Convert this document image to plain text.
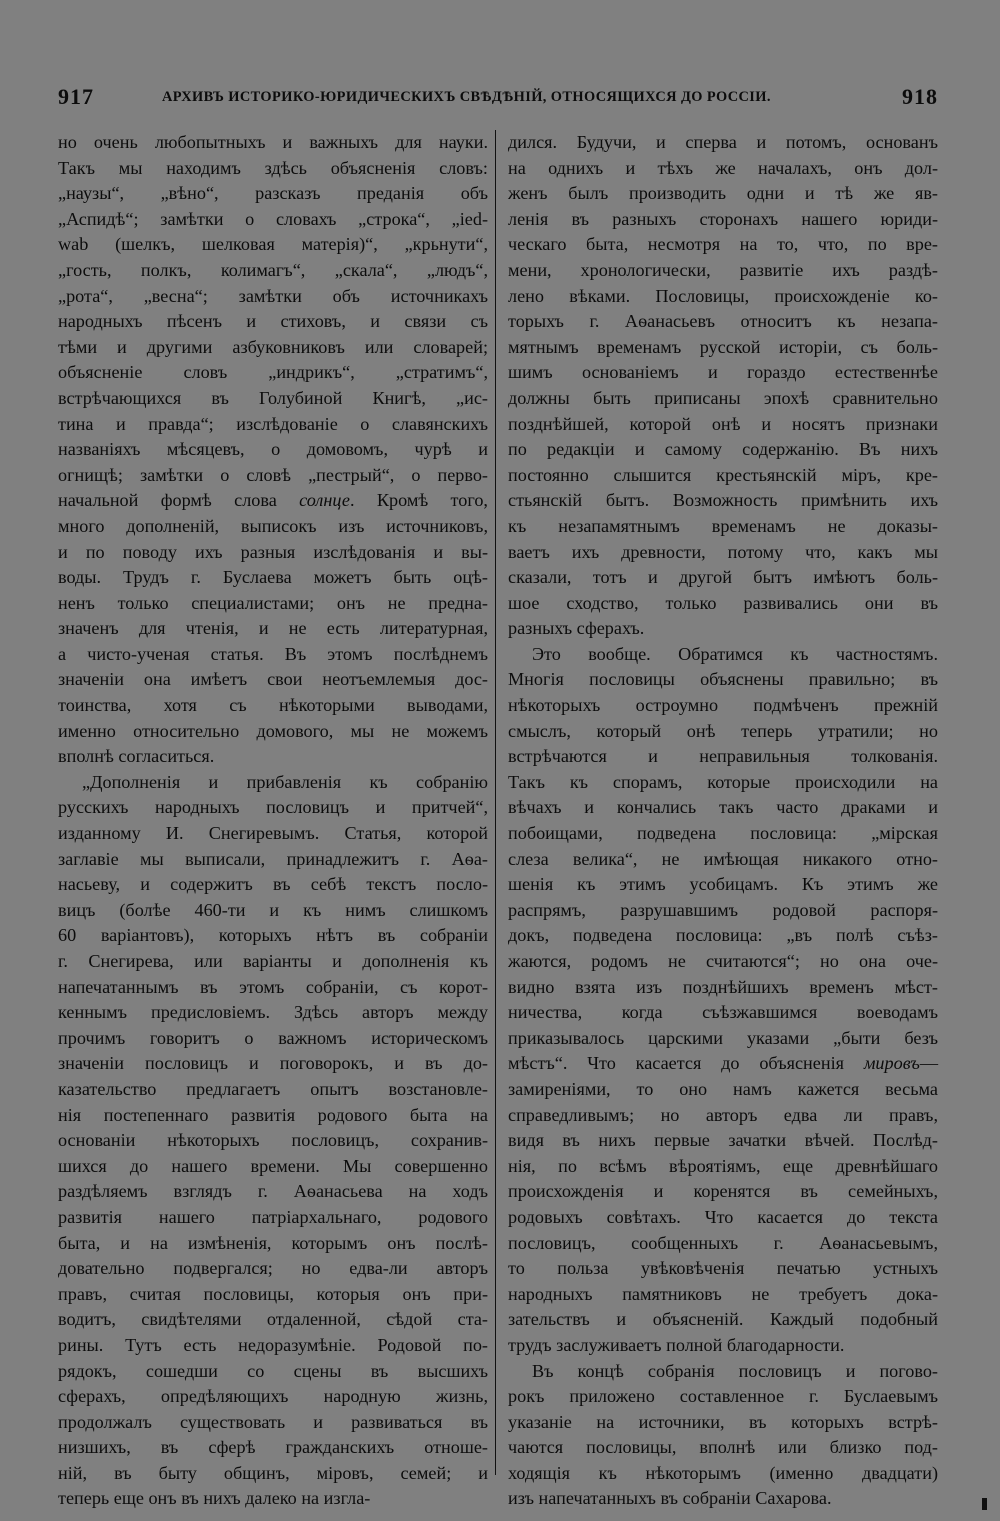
917	АРХИВЪ ИСТОРИКО-ЮРИДИЧЕСКИХЪ СВѢДѢНІЙ, ОТНОСЯЩИХСЯ ДО РОССІИ.	918
но очень любопытныхъ и важныхъ для науки.
Такъ мы находимъ здѣсь объясненія словъ:
„наузы“, „вѣно“, разсказъ преданія объ
„Аспидѣ“; замѣтки о словахъ „строка“, „ied-
wab (шелкъ, шелковая матерія)“, „крьнути“,
„гость, полкъ, колимагъ“, „скала“, „людъ“,
„рота“, „весна“; замѣтки объ источникахъ
народныхъ пѣсенъ и стиховъ, и связи съ
тѣми и другими азбуковниковъ или словарей;
объясненіе словъ „индрикъ“, „стратимъ“,
встрѣчающихся въ Голубиной Книгѣ, „ис-
тина и правда“; изслѣдованіе о славянскихъ
названіяхъ мѣсяцевъ, о домовомъ, чурѣ и
огнищѣ; замѣтки о словѣ „пестрый“, о перво-
начальной формѣ слова солнце. Кромѣ того,
много дополненій, выписокъ изъ источниковъ,
и по поводу ихъ разныя изслѣдованія и вы-
воды. Трудъ г. Буслаева можетъ быть оцѣ-
ненъ только специалистами; онъ не предна-
значенъ для чтенія, и не есть литературная,
а чисто-ученая статья. Въ этомъ послѣднемъ
значеніи она имѣетъ свои неотъемлемыя дос-
тоинства, хотя съ нѣкоторыми выводами,
именно относительно домового, мы не можемъ
вполнѣ согласиться.
„Дополненія и прибавленія къ собранію
русскихъ народныхъ пословицъ и притчей“,
изданному И. Снегиревымъ. Статья, которой
заглавіе мы выписали, принадлежитъ г. Аѳа-
насьеву, и содержитъ въ себѣ текстъ посло-
вицъ (болѣе 460-ти и къ нимъ слишкомъ
60 варіантовъ), которыхъ нѣтъ въ собраніи
г. Снегирева, или варіанты и дополненія къ
напечатаннымъ въ этомъ собраніи, съ корот-
кеннымъ предисловіемъ. Здѣсь авторъ между
прочимъ говоритъ о важномъ историческомъ
значеніи пословицъ и поговорокъ, и въ до-
казательство предлагаетъ опытъ возстановле-
нія постепеннаго развитія родового быта на
основаніи нѣкоторыхъ пословицъ, сохранив-
шихся до нашего времени. Мы совершенно
раздѣляемъ взглядъ г. Аѳанасьева на ходъ
развитія нашего патріархальнаго, родового
быта, и на измѣненія, которымъ онъ послѣ-
довательно подвергался; но едва-ли авторъ
правъ, считая пословицы, которыя онъ при-
водитъ, свидѣтелями отдаленной, сѣдой ста-
рины. Тутъ есть недоразумѣніе. Родовой по-
рядокъ, сошедши со сцены въ высшихъ
сферахъ, опредѣляющихъ народную жизнь,
продолжалъ существовать и развиваться въ
низшихъ, въ сферѣ гражданскихъ отноше-
ній, въ быту общинъ, міровъ, семей; и
теперь еще онъ въ нихъ далеко на изгла-
дился. Будучи, и сперва и потомъ, основанъ
на однихъ и тѣхъ же началахъ, онъ дол-
женъ былъ производить одни и тѣ же яв-
ленія въ разныхъ сторонахъ нашего юриди-
ческаго быта, несмотря на то, что, по вре-
мени, хронологически, развитіе ихъ раздѣ-
лено вѣками. Пословицы, происхожденіе ко-
торыхъ г. Аѳанасьевъ относитъ къ незапа-
мятнымъ временамъ русской исторіи, съ боль-
шимъ основаніемъ и гораздо естественнѣе
должны быть приписаны эпохѣ сравнительно
позднѣйшей, которой онѣ и носятъ признаки
по редакціи и самому содержанію. Въ нихъ
постоянно слышится крестьянскій міръ, кре-
стьянскій бытъ. Возможность примѣнить ихъ
къ незапамятнымъ временамъ не доказы-
ваетъ ихъ древности, потому что, какъ мы
сказали, тотъ и другой бытъ имѣютъ боль-
шое сходство, только развивались они въ
разныхъ сферахъ.
Это вообще. Обратимся къ частностямъ.
Многія пословицы объяснены правильно; въ
нѣкоторыхъ остроумно подмѣченъ прежній
смыслъ, который онѣ теперь утратили; но
встрѣчаются и неправильныя толкованія.
Такъ къ спорамъ, которые происходили на
вѣчахъ и кончались такъ часто драками и
побоищами, подведена пословица: „мірская
слеза велика“, не имѣющая никакого отно-
шенія къ этимъ усобицамъ. Къ этимъ же
распрямъ, разрушавшимъ родовой распоря-
докъ, подведена пословица: „въ полѣ съѣз-
жаются, родомъ не считаются“; но она оче-
видно взята изъ позднѣйшихъ временъ мѣст-
ничества, когда съѣзжавшимся воеводамъ
приказывалось царскими указами „быти безъ
мѣстъ“. Что касается до объясненія мировъ—
замиреніями, то оно намъ кажется весьма
справедливымъ; но авторъ едва ли правъ,
видя въ нихъ первые зачатки вѣчей. Послѣд-
нія, по всѣмъ вѣроятіямъ, еще древнѣйшаго
происхожденія и коренятся въ семейныхъ,
родовыхъ совѣтахъ. Что касается до текста
пословицъ, сообщенныхъ г. Аѳанасьевымъ,
то польза увѣковѣченія печатью устныхъ
народныхъ памятниковъ не требуетъ дока-
зательствъ и объясненій. Каждый подобный
трудъ заслуживаетъ полной благодарности.
Въ концѣ собранія пословицъ и погово-
рокъ приложено составленное г. Буслаевымъ
указаніе на источники, въ которыхъ встрѣ-
чаются пословицы, вполнѣ или близко под-
ходящія къ нѣкоторымъ (именно двадцати)
изъ напечатанныхъ въ собраніи Сахарова.
